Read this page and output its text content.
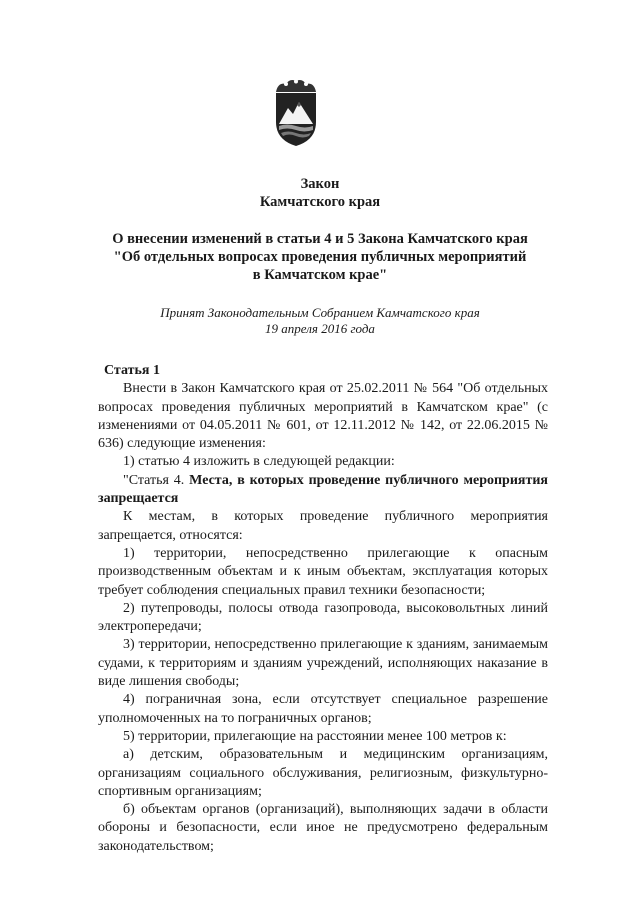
Закон
Камчатского края
О внесении изменений в статьи 4 и 5 Закона Камчатского края
"Об отдельных вопросах проведения публичных мероприятий
в Камчатском крае"
Принят Законодательным Собранием Камчатского края
19 апреля 2016 года

Статья 1

Внести в Закон Камчатского края от 25.02.2011 № 564 "Об отдельных вопросах проведения публичных мероприятий в Камчатском крае" (с изменениями от 04.05.2011 № 601, от 12.11.2012 № 142, от 22.06.2015 № 636) следующие изменения:

1) статью 4 изложить в следующей редакции:

"Статья 4. Места, в которых проведение публичного мероприятия запрещается

К местам, в которых проведение публичного мероприятия запрещается, относятся:

1) территории, непосредственно прилегающие к опасным производственным объектам и к иным объектам, эксплуатация которых требует соблюдения специальных правил техники безопасности;

2) путепроводы, полосы отвода газопровода, высоковольтных линий электропередачи;

3) территории, непосредственно прилегающие к зданиям, занимаемым судами, к территориям и зданиям учреждений, исполняющих наказание в виде лишения свободы;

4) пограничная зона, если отсутствует специальное разрешение уполномоченных на то пограничных органов;

5) территории, прилегающие на расстоянии менее 100 метров к:

а) детским, образовательным и медицинским организациям, организациям социального обслуживания, религиозным, физкультурно-спортивным организациям;

б) объектам органов (организаций), выполняющих задачи в области обороны и безопасности, если иное не предусмотрено федеральным законодательством;
